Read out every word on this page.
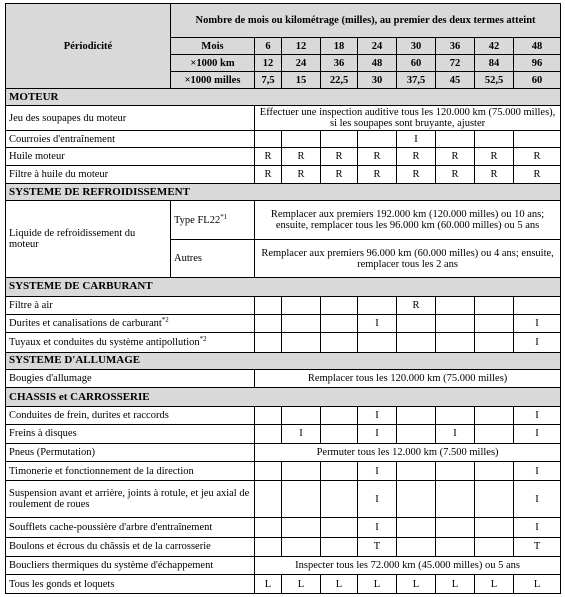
Périodicité	Nombre de mois ou kilométrage (milles), au premier des deux termes atteint								
	Mois	6	12	18	24	30	36	42	48
	×1000 km	12	24	36	48	60	72	84	96
	×1000 milles	7,5	15	22,5	30	37,5	45	52,5	60
MOTEUR									
Jeu des soupapes du moteur		Effectuer une inspection auditive tous les 120.000 km (75.000 milles), si les soupapes sont bruyante, ajuster							
Courroies d'entraînement						I			
Huile moteur		R	R	R	R	R	R	R	R
Filtre à huile du moteur		R	R	R	R	R	R	R	R
SYSTEME DE REFROIDISSEMENT									
Liquide de refroidissement du moteur	Type FL22$^{*1}$	Remplacer aux premiers 192.000 km (120.000 milles) ou 10 ans; ensuite, remplacer tous les 96.000 km (60.000 milles) ou 5 ans							
	Autres	Remplacer aux premiers 96.000 km (60.000 milles) ou 4 ans; ensuite, remplacer tous les 2 ans							
SYSTEME DE CARBURANT									
Filtre à air						R			
Durites et canalisations de carburant$^{*2}$					I				I
Tuyaux et conduites du système antipollution$^{*2}$									I
SYSTEME D'ALLUMAGE									
Bougies d'allumage		Remplacer tous les 120.000 km (75.000 milles)							
CHASSIS et CARROSSERIE									
Conduites de frein, durites et raccords					I				I
Freins à disques			I		I		I		I
Pneus (Permutation)		Permuter tous les 12.000 km (7.500 milles)							
Timonerie et fonctionnement de la direction					I				I
Suspension avant et arrière, joints à rotule, et jeu axial de roulement de roues					I				I
Soufflets cache-poussière d'arbre d'entraînement					I				I
Boulons et écrous du châssis et de la carrosserie					T				T
Boucliers thermiques du système d'échappement		Inspecter tous les 72.000 km (45.000 milles) ou 5 ans							
Tous les gonds et loquets		L	L	L	L	L	L	L	L
